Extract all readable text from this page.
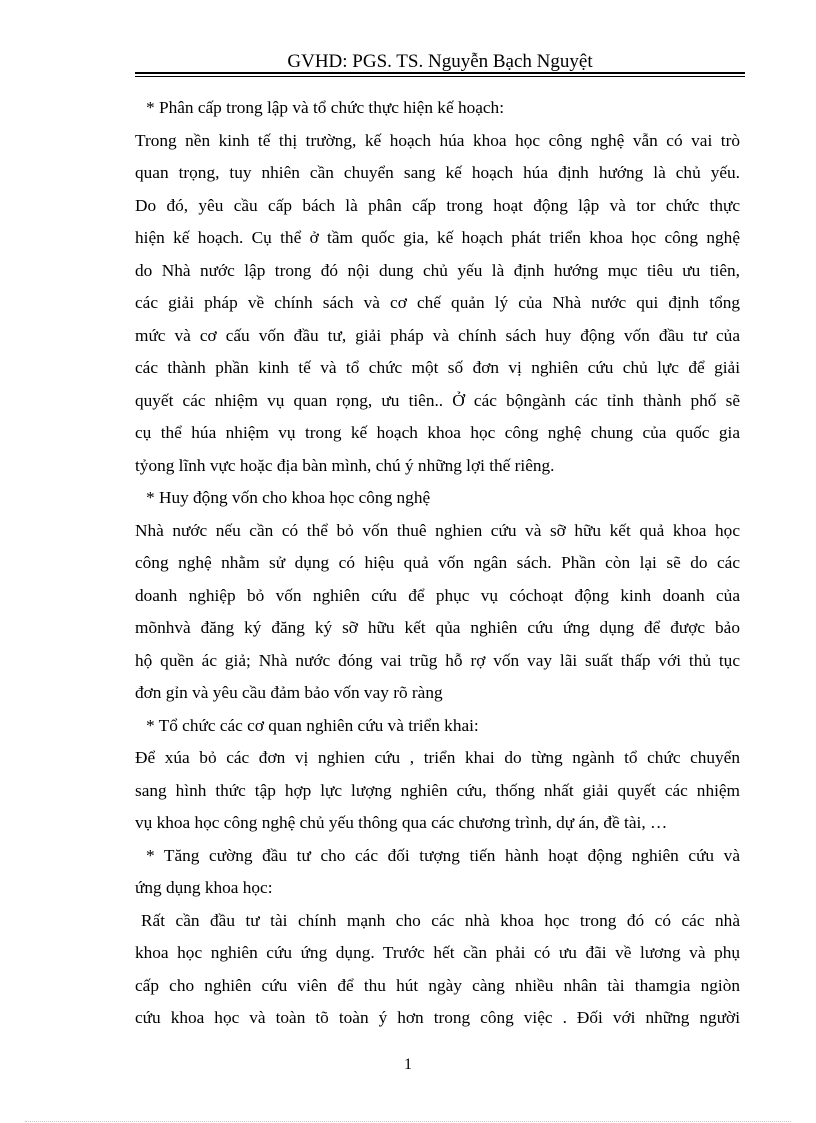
GVHD: PGS. TS. Nguyễn Bạch Nguyệt
* Phân cấp trong lập và tổ chức thực hiện kế hoạch:
Trong nền kinh tế thị trường, kế hoạch húa khoa học công nghệ vẫn có vai trò
quan trọng, tuy nhiên cần chuyển sang kế hoạch húa định hướng là chủ yếu.
Do đó, yêu cầu cấp bách là phân cấp trong hoạt động lập và tor chức thực
hiện kế hoạch. Cụ thể ở tầm quốc gia, kế hoạch phát triển khoa học công nghệ
do Nhà nước lập trong đó nội dung chủ yếu là định hướng mục tiêu ưu tiên,
các giải pháp về chính sách và cơ chế quản lý của Nhà nước qui định tổng
mức và cơ cấu vốn đầu tư, giải pháp và chính sách huy động vốn đầu tư của
các thành phần kinh tế và tổ chức một số đơn vị nghiên cứu chủ lực để giải
quyết các nhiệm vụ quan rọng, ưu tiên.. Ở các bộngành các tỉnh thành phố sẽ
cụ thể húa nhiệm vụ trong kế hoạch khoa học công nghệ chung của quốc gia
tỷong lĩnh vực hoặc địa bàn mình, chú ý những lợi thế riêng.
* Huy động vốn cho khoa học công nghệ
Nhà nước nếu cần có thể bỏ vốn thuê nghien cứu và sỡ hữu kết quả khoa học
công nghệ nhằm sử dụng có hiệu quả vốn ngân sách. Phần còn lại sẽ do các
doanh nghiệp bỏ vốn nghiên cứu để phục vụ cóchoạt động kinh doanh của
mõnhvà đăng ký đăng ký sỡ hữu kết qủa nghiên cứu ứng dụng để được bảo
hộ quền ác giả; Nhà nước đóng vai trũg hỗ rợ vốn vay lãi suất thấp với thủ tục
đơn gỉn và yêu cầu đảm bảo vốn vay rõ ràng
* Tổ chức các cơ quan nghiên cứu và triển khai:
Để xúa bỏ các đơn vị nghien cứu , triển khai do từng ngành tổ chức chuyển
sang hình thức tập hợp lực lượng nghiên cứu, thống nhất giải quyết các nhiệm
vụ khoa học công nghệ chủ yếu thông qua các chương trình, dự án, đề tài, …
* Tăng cường đầu tư cho các đối tượng tiến hành hoạt động nghiên cứu và
ứng dụng khoa học:
Rất cần đầu tư tài chính mạnh cho các nhà khoa học trong đó có các nhà
khoa học nghiên cứu ứng dụng. Trước hết cần phải có ưu đãi về lương và phụ
cấp cho nghiên cứu viên để thu hút ngày càng nhiều nhân tài thamgia ngiòn
cứu khoa học và toàn tõ toàn ý hơn trong công việc . Đối với những người
1
